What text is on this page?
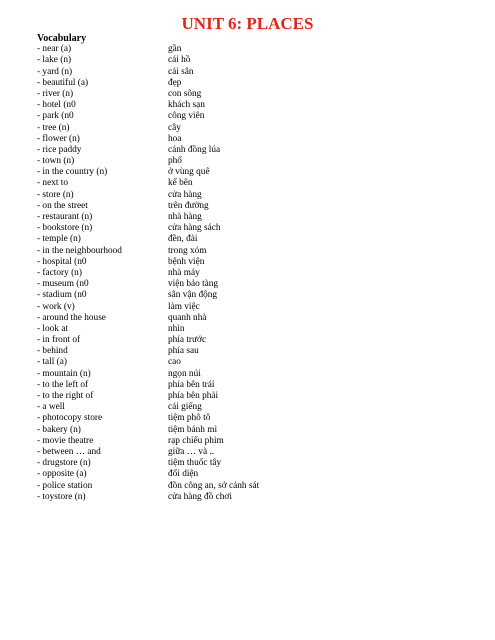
UNIT 6: PLACES
Vocabulary
- near (a)	gần
- lake (n)	cái hồ
- yard (n)	cái sân
- beautiful (a)	đẹp
- river (n)	con sông
- hotel (n0	khách sạn
- park (n0	công viên
- tree (n)	cây
- flower (n)	hoa
- rice paddy	cánh đồng lúa
- town (n)	phố
- in the country (n)	ở vùng quê
- next to	kế bên
- store (n)	cửa hàng
- on the street	trên đường
- restaurant (n)	nhà hàng
- bookstore (n)	cửa hàng sách
- temple (n)	đền, đài
- in the neighbourhood	trong xóm
- hospital (n0	bệnh viện
- factory (n)	nhà máy
- museum (n0	viện bảo tàng
- stadium (n0	sân vận động
- work (v)	làm việc
- around the house	quanh nhà
- look at	nhìn
- in front of	phía trước
- behind	phía sau
- tall (a)	cao
- mountain (n)	ngọn núi
- to the left of	phía bên trái
- to the right of	phía bên phải
- a well	cái giếng
- photocopy store	tiệm phô tô
- bakery (n)	tiệm bánh mì
- movie theatre	rạp chiếu phim
- between … and	giữa … và ..
- drugstore (n)	tiệm thuốc tây
- opposite (a)	đối diện
- police station	đồn công an, sở cảnh sát
- toystore (n)	cửa hàng đồ chơi
